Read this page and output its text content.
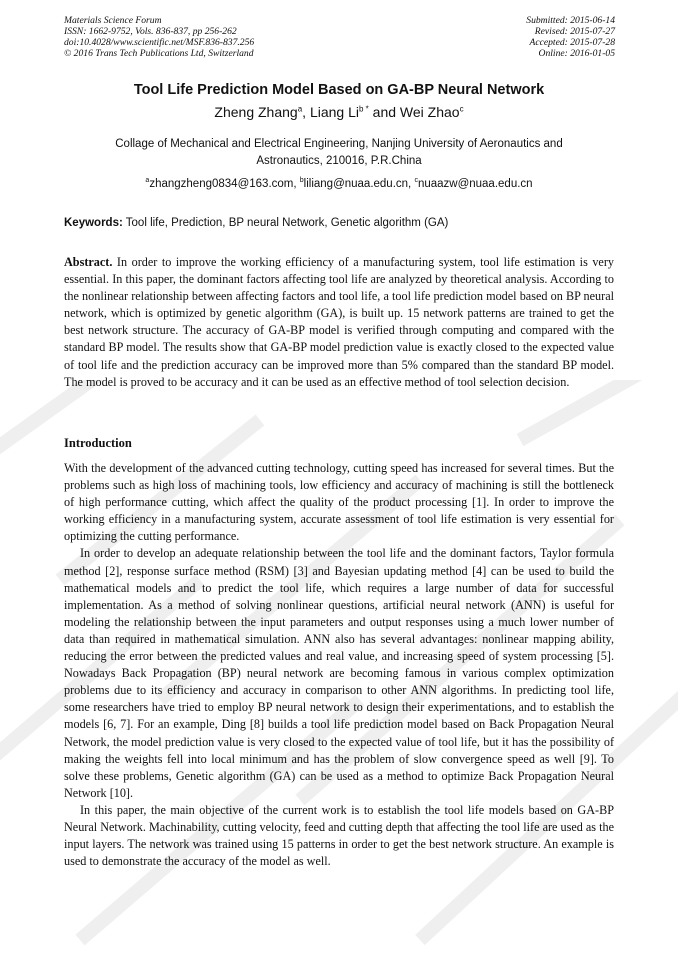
Materials Science Forum
ISSN: 1662-9752, Vols. 836-837, pp 256-262
doi:10.4028/www.scientific.net/MSF.836-837.256
© 2016 Trans Tech Publications Ltd, Switzerland
Submitted: 2015-06-14
Revised: 2015-07-27
Accepted: 2015-07-28
Online: 2016-01-05
Tool Life Prediction Model Based on GA-BP Neural Network
Zheng Zhang$^a$, Liang $Li^{b *}$ and Wei Zhao$^c$
Collage of Mechanical and Electrical Engineering, Nanjing University of Aeronautics and Astronautics, 210016, P.R.China
$^a$zhangzheng0834@163.com, $^b$liliang@nuaa.edu.cn, $^c$nuaazw@nuaa.edu.cn
Keywords: Tool life, Prediction, BP neural Network, Genetic algorithm (GA)
Abstract. In order to improve the working efficiency of a manufacturing system, tool life estimation is very essential. In this paper, the dominant factors affecting tool life are analyzed by theoretical analysis. According to the nonlinear relationship between affecting factors and tool life, a tool life prediction model based on BP neural network, which is optimized by genetic algorithm (GA), is built up. 15 network patterns are trained to get the best network structure. The accuracy of GA-BP model is verified through computing and compared with the standard BP model. The results show that GA-BP model prediction value is exactly closed to the expected value of tool life and the prediction accuracy can be improved more than 5% compared than the standard BP model. The model is proved to be accuracy and it can be used as an effective method of tool selection decision.
Introduction

With the development of the advanced cutting technology, cutting speed has increased for several times. But the problems such as high loss of machining tools, low efficiency and accuracy of machining is still the bottleneck of high performance cutting, which affect the quality of the product processing [1]. In order to improve the working efficiency in a manufacturing system, accurate assessment of tool life estimation is very essential for optimizing the cutting performance.

In order to develop an adequate relationship between the tool life and the dominant factors, Taylor formula method [2], response surface method (RSM) [3] and Bayesian updating method [4] can be used to build the mathematical models and to predict the tool life, which requires a large number of data for successful implementation. As a method of solving nonlinear questions, artificial neural network (ANN) is useful for modeling the relationship between the input parameters and output responses using a much lower number of data than required in mathematical simulation. ANN also has several advantages: nonlinear mapping ability, reducing the error between the predicted values and real value, and increasing speed of system processing [5]. Nowadays Back Propagation (BP) neural network are becoming famous in various complex optimization problems due to its efficiency and accuracy in comparison to other ANN algorithms. In predicting tool life, some researchers have tried to employ BP neural network to design their experimentations, and to establish the models [6, 7]. For an example, Ding [8] builds a tool life prediction model based on Back Propagation Neural Network, the model prediction value is very closed to the expected value of tool life, but it has the possibility of making the weights fell into local minimum and has the problem of slow convergence speed as well [9]. To solve these problems, Genetic algorithm (GA) can be used as a method to optimize Back Propagation Neural Network [10].

In this paper, the main objective of the current work is to establish the tool life models based on GA-BP Neural Network. Machinability, cutting velocity, feed and cutting depth that affecting the tool life are used as the input layers. The network was trained using 15 patterns in order to get the best network structure. An example is used to demonstrate the accuracy of the model as well.
